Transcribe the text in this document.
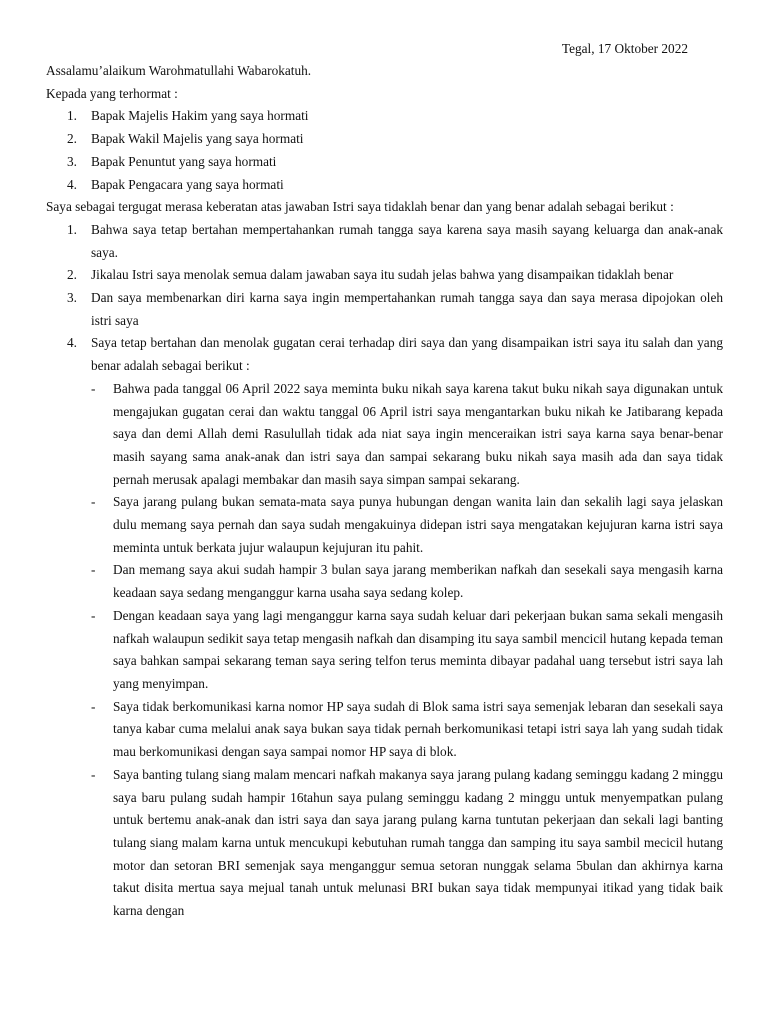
Tegal, 17 Oktober 2022

Assalamu’alaikum Warohmatullahi Wabarokatuh.

Kepada yang terhormat :

1. Bapak Majelis Hakim yang saya hormati
2. Bapak Wakil Majelis yang saya hormati
3. Bapak Penuntut yang saya hormati
4. Bapak Pengacara yang saya hormati

Saya sebagai tergugat merasa keberatan atas jawaban Istri saya tidaklah benar dan yang benar adalah sebagai berikut :

1. Bahwa saya tetap bertahan mempertahankan rumah tangga saya karena saya masih sayang keluarga dan anak-anak saya.
2. Jikalau Istri saya menolak semua dalam jawaban saya itu sudah jelas bahwa yang disampaikan tidaklah benar
3. Dan saya membenarkan diri karna saya ingin mempertahankan rumah tangga saya dan saya merasa dipojokan oleh istri saya
4. Saya tetap bertahan dan menolak gugatan cerai terhadap diri saya dan yang disampaikan istri saya itu salah dan yang benar adalah sebagai berikut :
- Bahwa pada tanggal 06 April 2022 saya meminta buku nikah saya karena takut buku nikah saya digunakan untuk mengajukan gugatan cerai dan waktu tanggal 06 April istri saya mengantarkan buku nikah ke Jatibarang kepada saya dan demi Allah demi Rasulullah tidak ada niat saya ingin menceraikan istri saya karna saya benar-benar masih sayang sama anak-anak dan istri saya dan sampai sekarang buku nikah saya masih ada dan saya tidak pernah merusak apalagi membakar dan masih saya simpan sampai sekarang.
- Saya jarang pulang bukan semata-mata saya punya hubungan dengan wanita lain dan sekalih lagi saya jelaskan dulu memang saya pernah dan saya sudah mengakuinya didepan istri saya mengatakan kejujuran karna istri saya meminta untuk berkata jujur walaupun kejujuran itu pahit.
- Dan memang saya akui sudah hampir 3 bulan saya jarang memberikan nafkah dan sesekali saya mengasih karna keadaan saya sedang menganggur karna usaha saya sedang kolep.
- Dengan keadaan saya yang lagi menganggur karna saya sudah keluar dari pekerjaan bukan sama sekali mengasih nafkah walaupun sedikit saya tetap mengasih nafkah dan disamping itu saya sambil mencicil hutang kepada teman saya bahkan sampai sekarang teman saya sering telfon terus meminta dibayar padahal uang tersebut istri saya lah yang menyimpan.
- Saya tidak berkomunikasi karna nomor HP saya sudah di Blok sama istri saya semenjak lebaran dan sesekali saya tanya kabar cuma melalui anak saya bukan saya tidak pernah berkomunikasi tetapi istri saya lah yang sudah tidak mau berkomunikasi dengan saya sampai nomor HP saya di blok.
- Saya banting tulang siang malam mencari nafkah makanya saya jarang pulang kadang seminggu kadang 2 minggu saya baru pulang sudah hampir 16tahun saya pulang seminggu kadang 2 minggu untuk menyempatkan pulang untuk bertemu anak-anak dan istri saya dan saya jarang pulang karna tuntutan pekerjaan dan sekali lagi banting tulang siang malam karna untuk mencukupi kebutuhan rumah tangga dan samping itu saya sambil mecicil hutang motor dan setoran BRI semenjak saya menganggur semua setoran nunggak selama 5bulan dan akhirnya karna takut disita mertua saya mejual tanah untuk melunasi BRI bukan saya tidak mempunyai itikad yang tidak baik karna dengan
